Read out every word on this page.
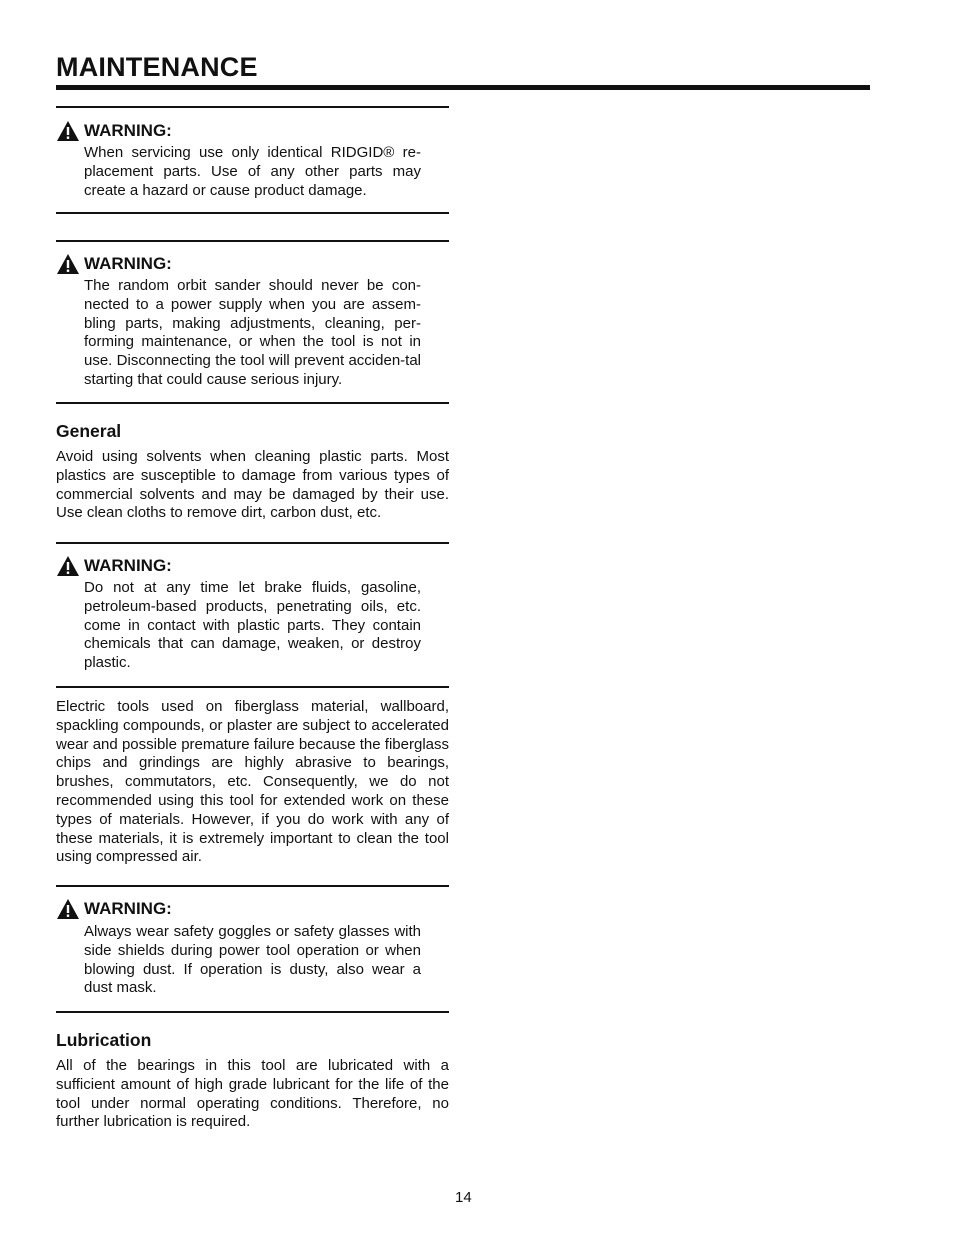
MAINTENANCE
WARNING:

When servicing use only identical RIDGID® re-placement parts. Use of any other parts may create a hazard or cause product damage.

WARNING:

The random orbit sander should never be con-nected to a power supply when you are assem-bling parts, making adjustments, cleaning, per-forming maintenance, or when the tool is not in use. Disconnecting the tool will prevent acciden-tal starting that could cause serious injury.

General

Avoid using solvents when cleaning plastic parts. Most plastics are susceptible to damage from various types of commercial solvents and may be damaged by their use. Use clean cloths to remove dirt, carbon dust, etc.

WARNING:

Do not at any time let brake fluids, gasoline, petroleum-based products, penetrating oils, etc. come in contact with plastic parts. They contain chemicals that can damage, weaken, or destroy plastic.

Electric tools used on fiberglass material, wallboard, spackling compounds, or plaster are subject to accelerated wear and possible premature failure because the fiberglass chips and grindings are highly abrasive to bearings, brushes, commutators, etc. Consequently, we do not recommended using this tool for extended work on these types of materials. However, if you do work with any of these materials, it is extremely important to clean the tool using compressed air.

WARNING:

Always wear safety goggles or safety glasses with side shields during power tool operation or when blowing dust. If operation is dusty, also wear a dust mask.

Lubrication

All of the bearings in this tool are lubricated with a sufficient amount of high grade lubricant for the life of the tool under normal operating conditions. Therefore, no further lubrication is required.

14
